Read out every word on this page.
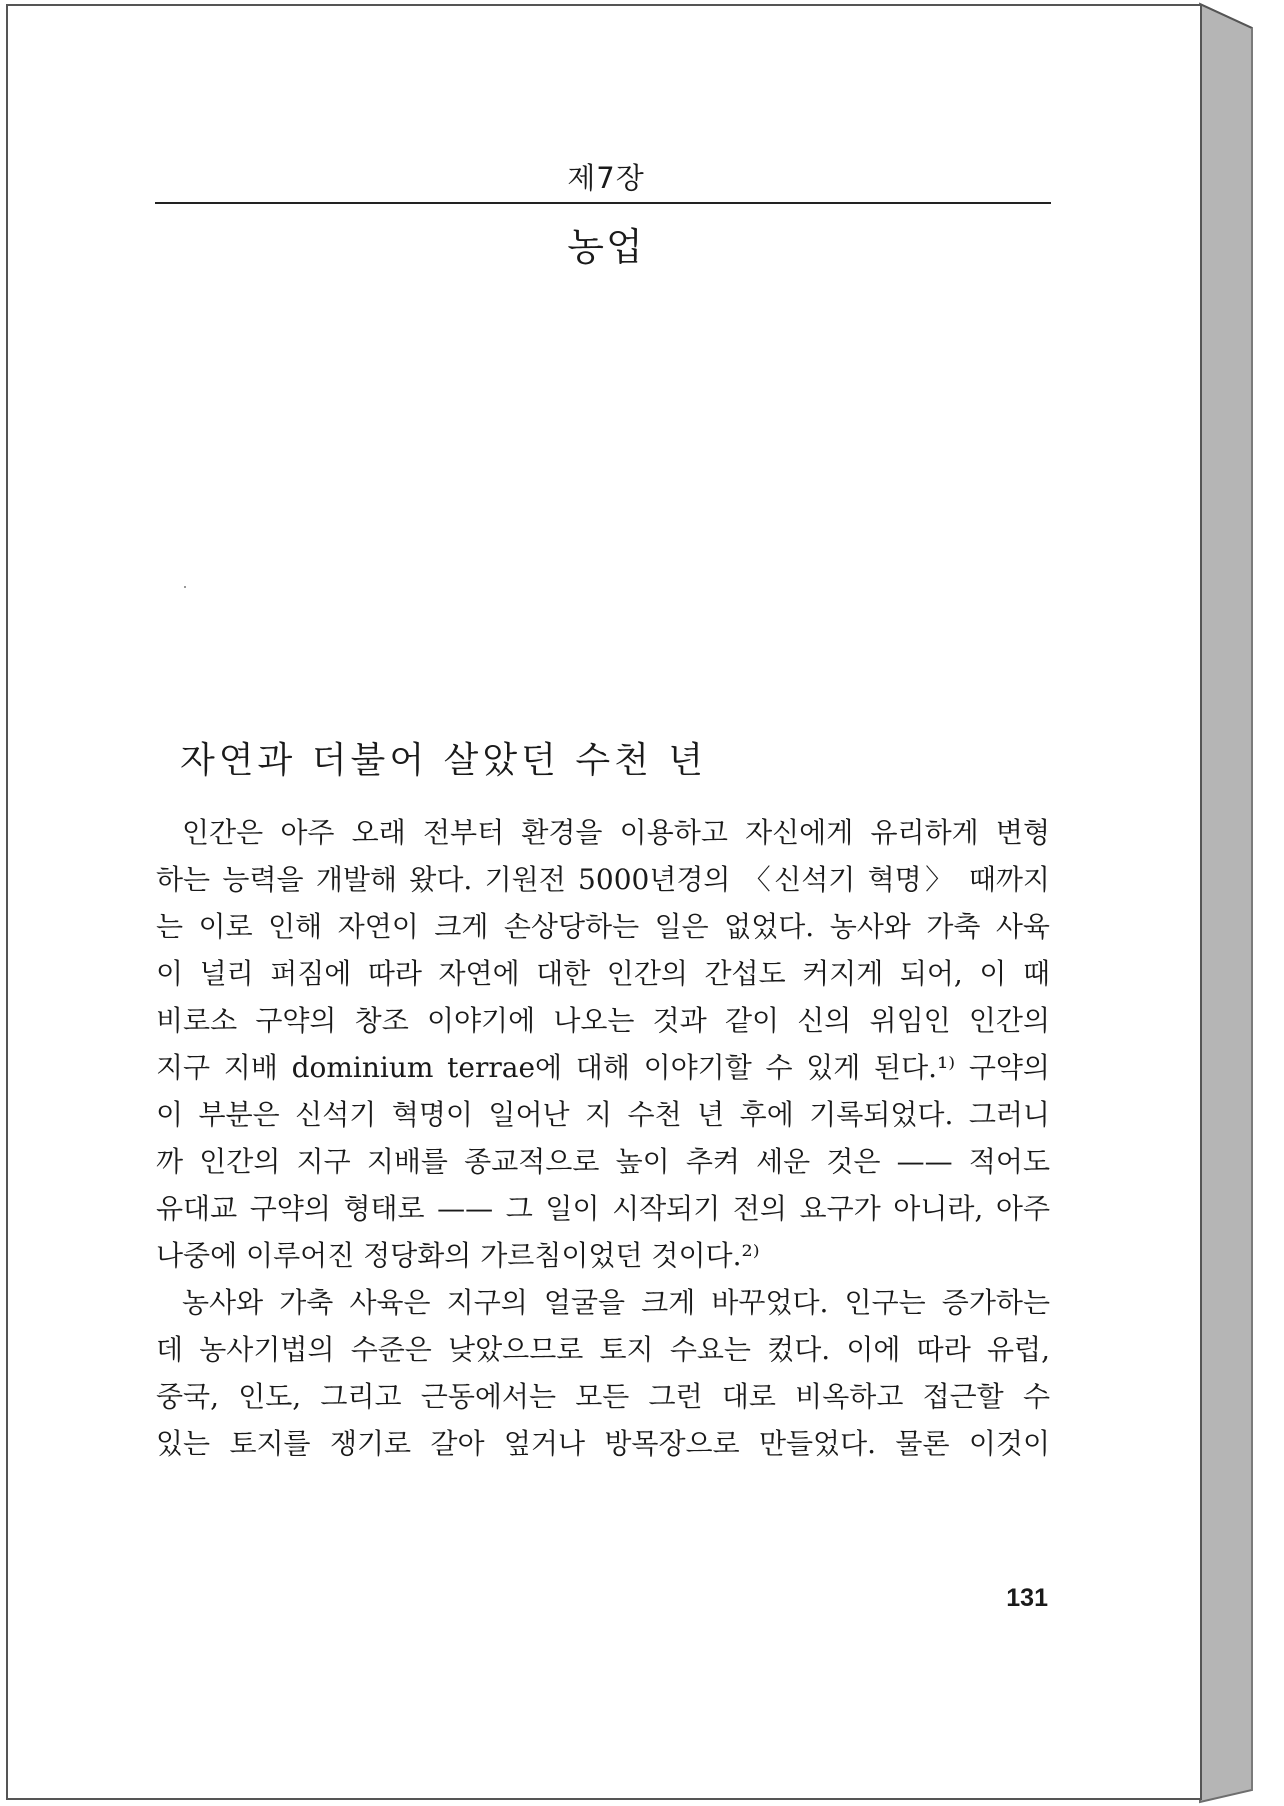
제7장
농업
자연과 더불어 살았던 수천 년
인간은 아주 오래 전부터 환경을 이용하고 자신에게 유리하게 변형
하는 능력을 개발해 왔다. 기원전 5000년경의 〈신석기 혁명〉 때까지
는 이로 인해 자연이 크게 손상당하는 일은 없었다. 농사와 가축 사육
이 널리 퍼짐에 따라 자연에 대한 인간의 간섭도 커지게 되어, 이 때
비로소 구약의 창조 이야기에 나오는 것과 같이 신의 위임인 인간의
지구 지배 dominium terrae에 대해 이야기할 수 있게 된다.¹⁾ 구약의
이 부분은 신석기 혁명이 일어난 지 수천 년 후에 기록되었다. 그러니
까 인간의 지구 지배를 종교적으로 높이 추켜 세운 것은 —— 적어도
유대교 구약의 형태로 —— 그 일이 시작되기 전의 요구가 아니라, 아주
나중에 이루어진 정당화의 가르침이었던 것이다.²⁾
농사와 가축 사육은 지구의 얼굴을 크게 바꾸었다. 인구는 증가하는
데 농사기법의 수준은 낮았으므로 토지 수요는 컸다. 이에 따라 유럽,
중국, 인도, 그리고 근동에서는 모든 그런 대로 비옥하고 접근할 수
있는 토지를 쟁기로 갈아 엎거나 방목장으로 만들었다. 물론 이것이
131
